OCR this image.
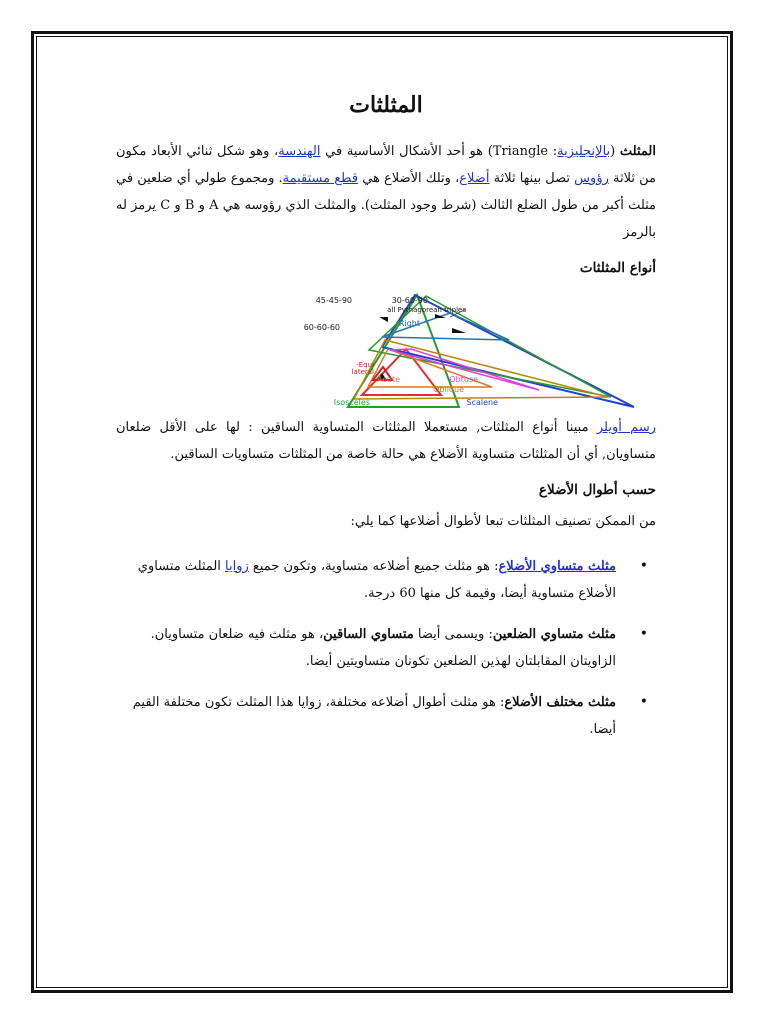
المثلثات

المثلث (بالإنجليزية: Triangle) هو أحد الأشكال الأساسية في الهندسة، وهو شكل ثنائي الأبعاد مكون من ثلاثة رؤوس تصل بينها ثلاثة أضلاع، وتلك الأضلاع هي قطع مستقيمة. ومجموع طولي أي ضلعين في مثلث أكبر من طول الضلع الثالث (شرط وجود المثلث). والمثلث الذي رؤوسه هي A و B و C يرمز له بالرمز

أنواع المثلثات
45-45-90	30-60-90
all Pythagorean triples
60-60-60	Right
Equi-
lateral
Acute	Obtuse
Oblique
Isosceles	Scalene

رسم أويلر مبينا أنواع المثلثات, مستعملا المثلثات المتساوية الساقين : لها على الأقل ضلعان متساويان, أي أن المثلثات متساوية الأضلاع هي حالة خاصة من المثلثات متساويات الساقين.

حسب أطوال الأضلاع

من الممكن تصنيف المثلثات تبعا لأطوال أضلاعها كما يلي:

•
مثلث متساوي الأضلاع: هو مثلث جميع أضلاعه متساوية، وتكون جميع زوايا المثلث متساوي الأضلاع متساوية أيضا، وقيمة كل منها 60 درجة.
•
مثلث متساوي الضلعين: ويسمى أيضا متساوي الساقين، هو مثلث فيه ضلعان متساويان. الزاويتان المقابلتان لهذين الضلعين تكونان متساويتين أيضا.
•
مثلث مختلف الأضلاع: هو مثلث أطوال أضلاعه مختلفة، زوايا هذا المثلث تكون مختلفة القيم أيضا.
